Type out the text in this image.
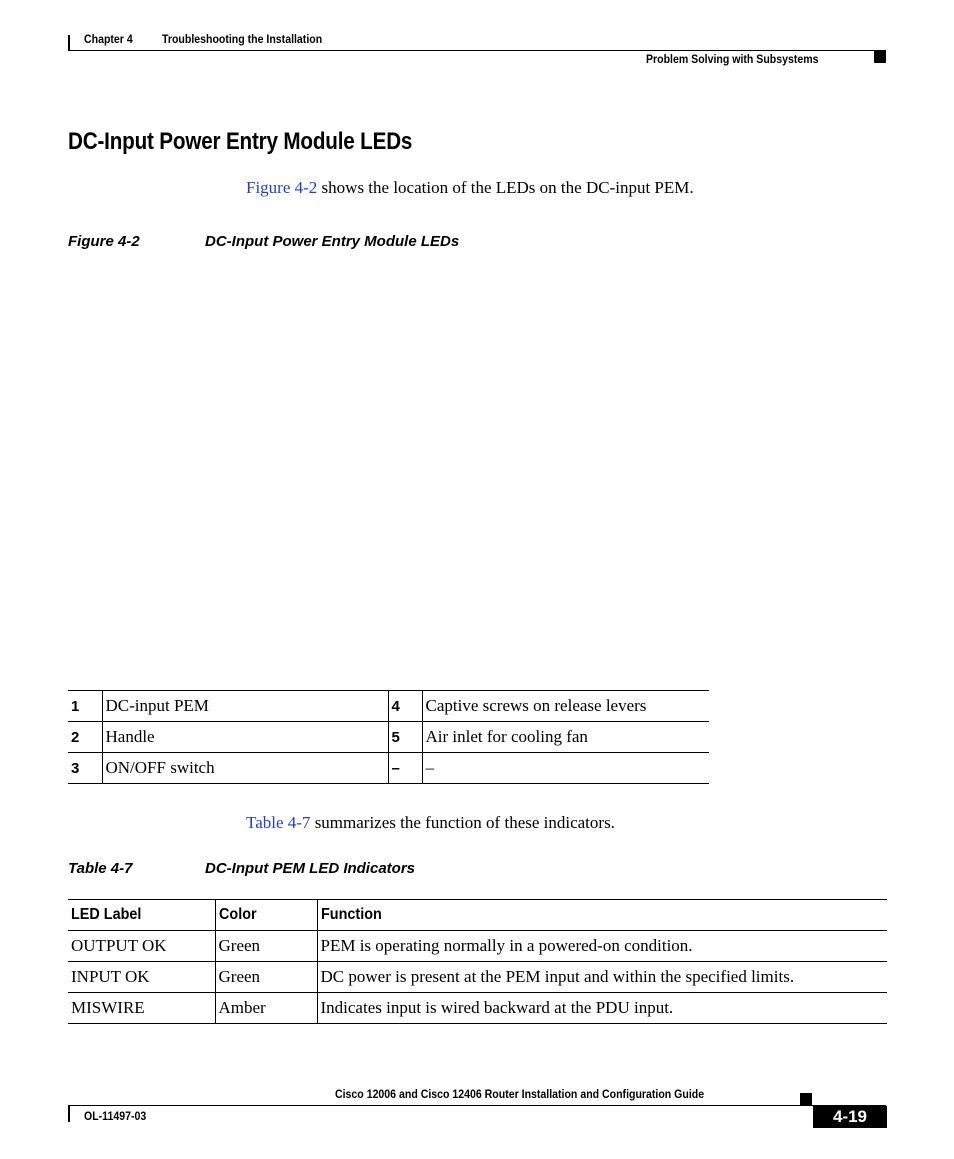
Chapter 4 Troubleshooting the Installation
Problem Solving with Subsystems
DC-Input Power Entry Module LEDs
Figure 4-2 shows the location of the LEDs on the DC-input PEM.
Figure 4-2	DC-Input Power Entry Module LEDs
1	DC-input PEM	4	Captive screws on release levers
2	Handle	5	Air inlet for cooling fan
3	ON/OFF switch	–	–
Table 4-7 summarizes the function of these indicators.
Table 4-7	DC-Input PEM LED Indicators
LED Label	Color	Function
OUTPUT OK	Green	PEM is operating normally in a powered-on condition.
INPUT OK	Green	DC power is present at the PEM input and within the specified limits.
MISWIRE	Amber	Indicates input is wired backward at the PDU input.
Cisco 12006 and Cisco 12406 Router Installation and Configuration Guide
OL-11497-03	4-19
